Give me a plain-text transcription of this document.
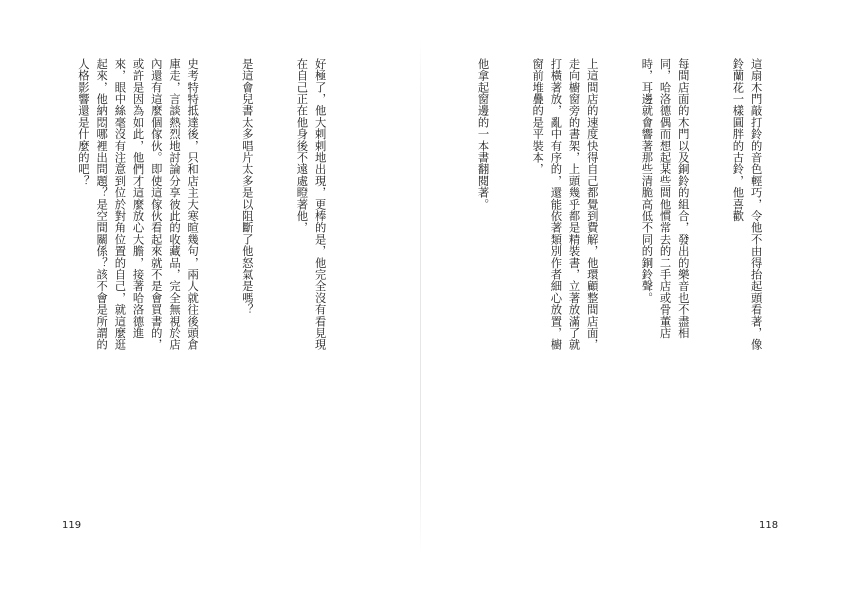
好極了，他大剌剌地出現，更棒的是，他完全沒有看見現在自己正在他身後不遠處瞪著他，

是這會兒書太多唱片太多是以阻斷了他怒氣是嗎？

史考特特抵達後，只和店主大寒暄幾句，兩人就往後頭倉庫走，言談熱烈地討論分享彼此的收藏品，完全無視於店內還有這麼個傢伙。即使這傢伙看起來就不是會買書的，或許是因為如此，他們才這麼放心大膽，接著哈洛德進來，眼中絲毫沒有注意到位於對角位置的自己，就這麼逛起來，他納悶哪裡出問題？是空間關係？該不會是所謂的人格影響還是什麼的吧？

119

這扇木門敲打鈴的音色輕巧，令他不由得抬起頭看著，像鈴蘭花一樣圓胖的古鈴，他喜歡

每間店面的木門以及銅鈴的組合，發出的樂音也不盡相同，哈洛德偶而想起某些間他慣常去的二手店或骨董店時，耳邊就會響著那些清脆高低不同的銅鈴聲。

上這間店的速度快得自己都覺到費解，他環顧整間店面，走向櫥窗旁的書架，上頭幾乎都是精裝書，立著放滿了就打橫著放，亂中有序的，還能依著類別作者細心放置，櫥窗前堆疊的是平裝本，

他拿起窗邊的一本書翻閱著。

118
